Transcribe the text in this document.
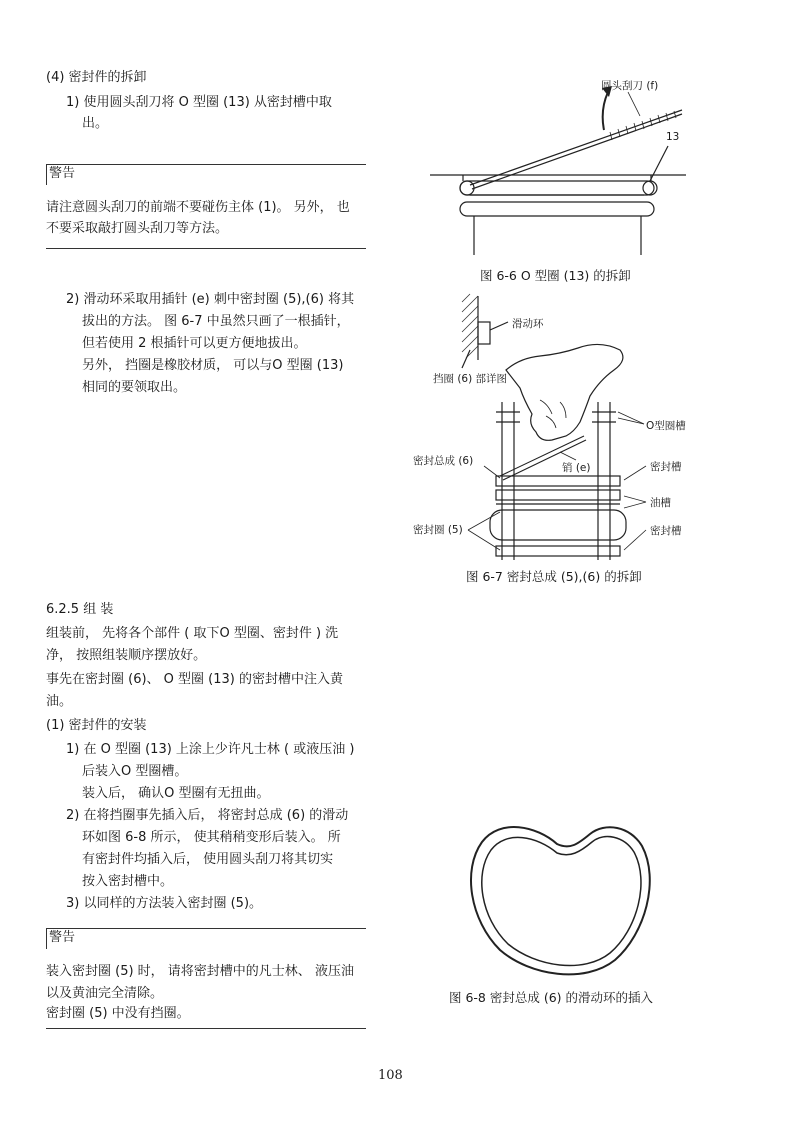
(4) 密封件的拆卸
1) 使用圆头刮刀将 O 型圈 (13) 从密封槽中取
出。
警告
请注意圆头刮刀的前端不要碰伤主体 (1)。 另外， 也
不要采取敲打圆头刮刀等方法。
2) 滑动环采取用插针 (e) 刺中密封圈 (5),(6) 将其
拔出的方法。 图 6-7 中虽然只画了一根插针，
但若使用 2 根插针可以更方便地拔出。
另外， 挡圈是橡胶材质， 可以与O 型圈 (13)
相同的要领取出。
6.2.5 组 装
组装前， 先将各个部件 ( 取下O 型圈、密封件 ) 洗
净， 按照组装顺序摆放好。
事先在密封圈 (6)、 O 型圈 (13) 的密封槽中注入黄
油。
(1) 密封件的安装
1) 在 O 型圈 (13) 上涂上少许凡士林 ( 或液压油 )
后装入O 型圈槽。
装入后， 确认O 型圈有无扭曲。
2) 在将挡圈事先插入后， 将密封总成 (6) 的滑动
环如图 6-8 所示， 使其稍稍变形后装入。 所
有密封件均插入后， 使用圆头刮刀将其切实
按入密封槽中。
3) 以同样的方法装入密封圈 (5)。
警告
装入密封圈 (5) 时， 请将密封槽中的凡士林、 液压油
以及黄油完全清除。
密封圈 (5) 中没有挡圈。
圆头刮刀 (f)
13
图 6-6 O 型圈 (13) 的拆卸
滑动环
挡圈 (6) 部详图
O型圈槽
密封总成 (6)
销 (e)	密封槽
油槽
密封圈 (5)	密封槽
图 6-7 密封总成 (5),(6) 的拆卸
图 6-8 密封总成 (6) 的滑动环的插入
108
